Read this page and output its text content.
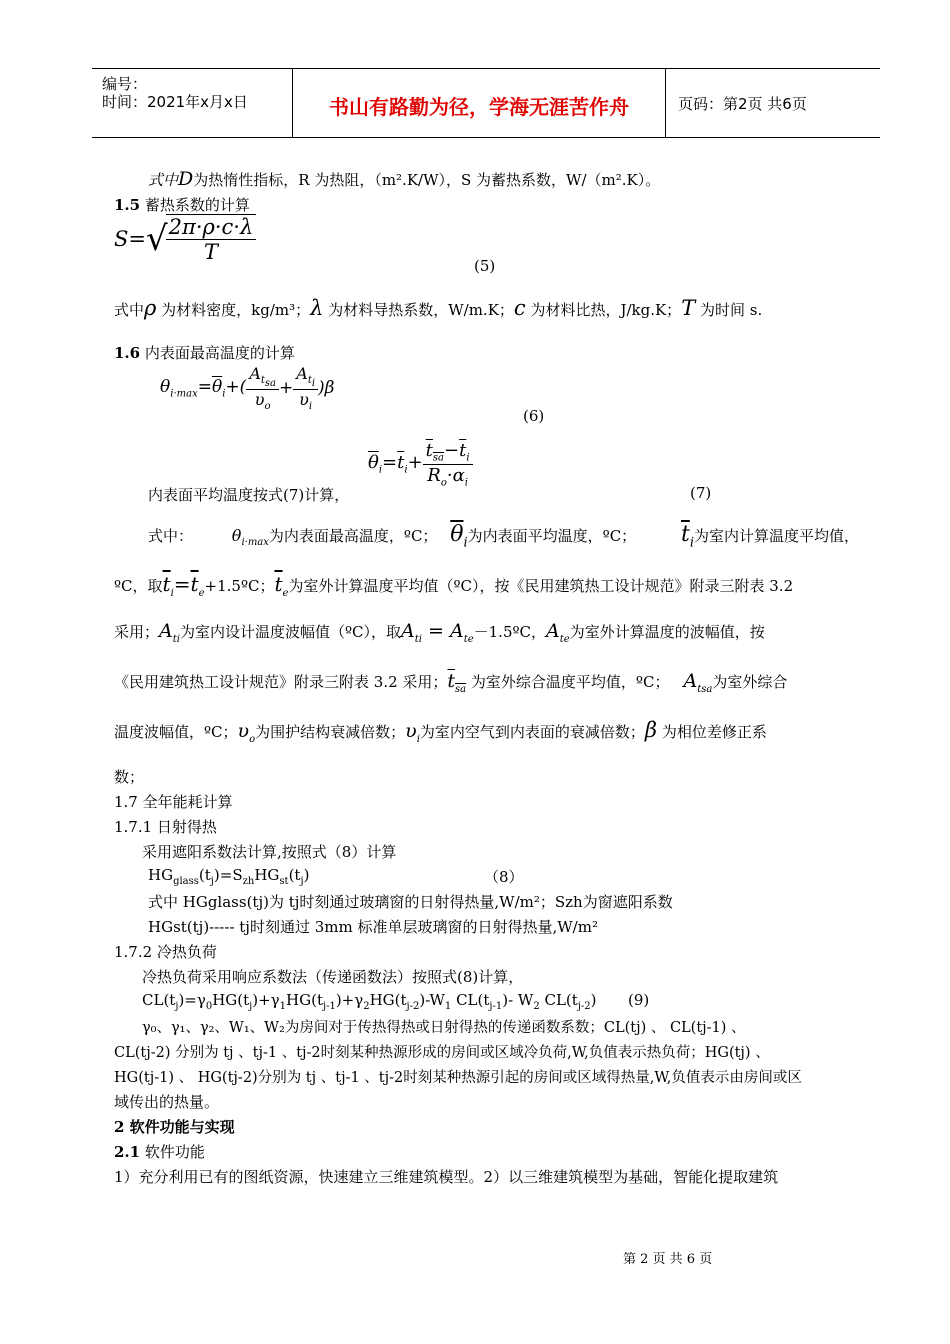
编号：
时间：2021年x月x日	书山有路勤为径，学海无涯苦作舟	页码：第2页 共6页
式中D为热惰性指标，R 为热阻，（m².K/W），S 为蓄热系数，W/（m².K）。
1.5 蓄热系数的计算
S=√
$\frac{2\pi\cdot\rho\cdot c\cdot\lambda}{T}$
(5)
式中ρ 为材料密度，kg/m³；λ 为材料导热系数，W/m.K；c 为材料比热，J/kg.K；T 为时间 s.
1.6 内表面最高温度的计算
$\theta_{i\cdot max}=\overline{\theta}_i+( \frac{A_{t_{sa}}}{\upsilon_o} + \frac{A_{t_i}}{\upsilon_i} )\beta$
(6)
$\overline{\theta}_i=\overline{t}_i+ \frac{t_{sa}-\overline{t}_i}{R_o\cdot\alpha_i}$
内表面平均温度按式(7)计算，	(7)
式中： $\theta_{i\cdot max}$为内表面最高温度，ºC； $\overline{\theta}_i$为内表面平均温度，ºC； $\overline{t}_i$为室内计算温度平均值，
ºC，取$\overline{t}_i=\overline{t}_e+1.5ºC$；$\overline{t}_e$为室外计算温度平均值（ºC），按《民用建筑热工设计规范》附录三附表 3.2
采用；$A_{ti}$为室内设计温度波幅值（ºC），取$A_{ti}$ = $A_{te}-1.5ºC$，$A_{te}$为室外计算温度的波幅值，按
《民用建筑热工设计规范》附录三附表 3.2 采用；$t_{sa}$ 为室外综合温度平均值，ºC； $A_{tsa}$为室外综合
温度波幅值，ºC；$\upsilon_o$为围护结构衰减倍数；$\upsilon_i$为室内空气到内表面的衰减倍数；β 为相位差修正系
数；
1.7 全年能耗计算
1.7.1 日射得热
采用遮阳系数法计算,按照式（8）计算
$HG_{glass}(t_j)=S_{zh}HG_{st}(t_j)$	（8）
式中 HGglass(tj)为 tj时刻通过玻璃窗的日射得热量,W/m²；Szh为窗遮阳系数
HGst(tj)----- tj时刻通过 3mm 标准单层玻璃窗的日射得热量,W/m²
1.7.2 冷热负荷
冷热负荷采用响应系数法（传递函数法）按照式(8)计算，
$CL(t_j)=\gamma_0HG(t_j)+\gamma_1HG(t_{j-1})+\gamma_2HG(t_{j-2})-W_1$ $CL(t_{j-1})-$ $W_2$ $CL(t_{j-2})$ (9)
γ₀、γ₁、γ₂、W₁、W₂为房间对于传热得热或日射得热的传递函数系数；CL(tj) 、 CL(tj-1) 、
CL(tj-2) 分别为 tj 、tj-1 、tj-2时刻某种热源形成的房间或区域冷负荷,W,负值表示热负荷；HG(tj) 、
HG(tj-1) 、 HG(tj-2)分别为 tj 、tj-1 、tj-2时刻某种热源引起的房间或区域得热量,W,负值表示由房间或区
域传出的热量。
2 软件功能与实现
2.1 软件功能
1）充分利用已有的图纸资源，快速建立三维建筑模型。2）以三维建筑模型为基础，智能化提取建筑
第 2 页 共 6 页
